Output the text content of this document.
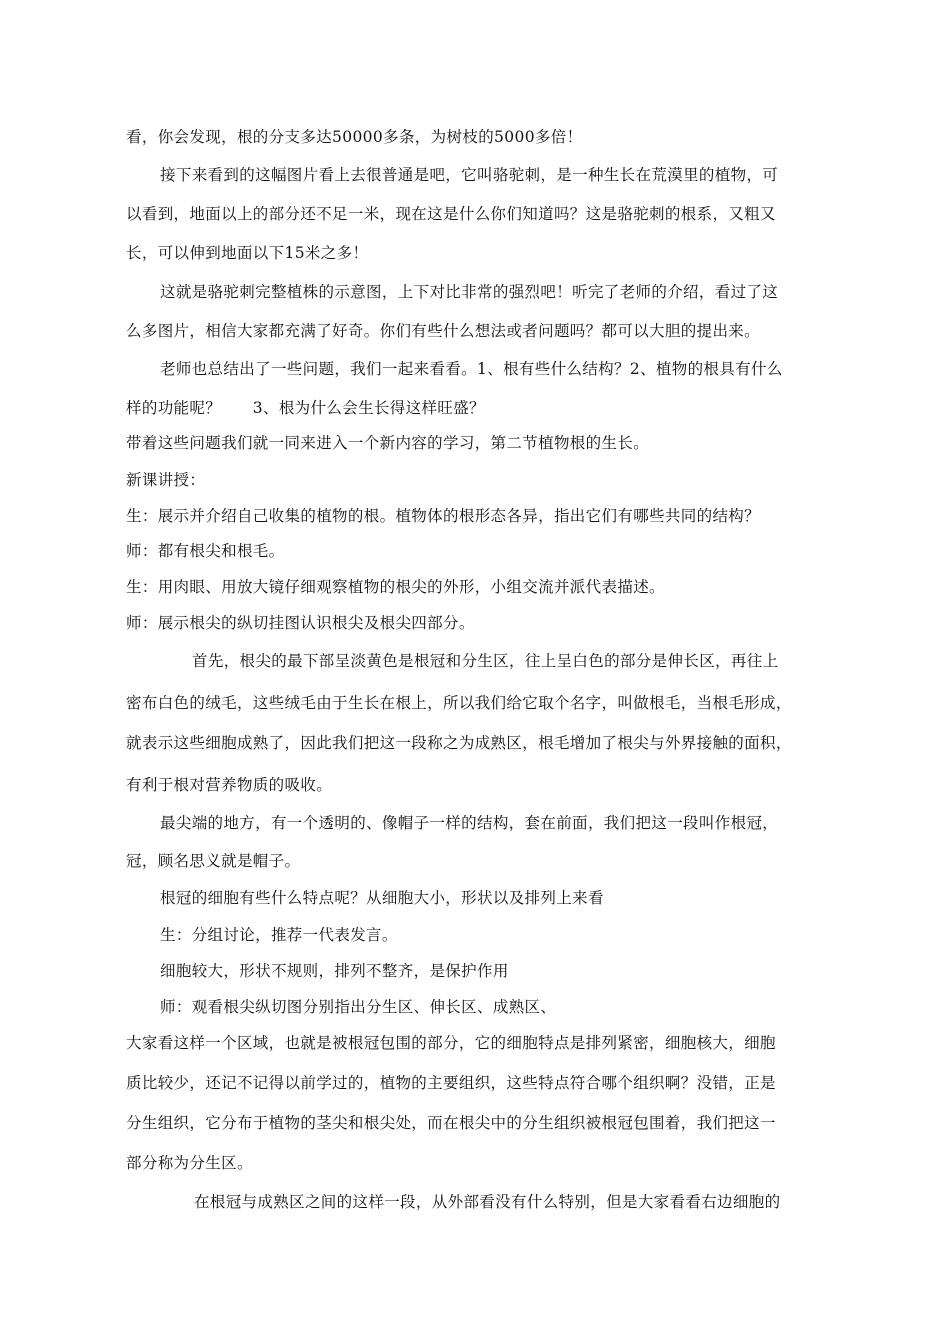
看，你会发现，根的分支多达50000多条，为树枝的5000多倍！
接下来看到的这幅图片看上去很普通是吧，它叫骆驼刺，是一种生长在荒漠里的植物，可
以看到，地面以上的部分还不足一米，现在这是什么你们知道吗？这是骆驼刺的根系，又粗又
长，可以伸到地面以下15米之多！
这就是骆驼刺完整植株的示意图，上下对比非常的强烈吧！听完了老师的介绍，看过了这
么多图片，相信大家都充满了好奇。你们有些什么想法或者问题吗？都可以大胆的提出来。
老师也总结出了一些问题，我们一起来看看。1、根有些什么结构？2、植物的根具有什么
样的功能呢？      3、根为什么会生长得这样旺盛？
带着这些问题我们就一同来进入一个新内容的学习，第二节植物根的生长。
新课讲授：
生：展示并介绍自己收集的植物的根。植物体的根形态各异，指出它们有哪些共同的结构？
师：都有根尖和根毛。
生：用肉眼、用放大镜仔细观察植物的根尖的外形，小组交流并派代表描述。
师：展示根尖的纵切挂图认识根尖及根尖四部分。
首先，根尖的最下部呈淡黄色是根冠和分生区，往上呈白色的部分是伸长区，再往上
密布白色的绒毛，这些绒毛由于生长在根上，所以我们给它取个名字，叫做根毛，当根毛形成，
就表示这些细胞成熟了，因此我们把这一段称之为成熟区，根毛增加了根尖与外界接触的面积，
有利于根对营养物质的吸收。
最尖端的地方，有一个透明的、像帽子一样的结构，套在前面，我们把这一段叫作根冠，
冠，顾名思义就是帽子。
根冠的细胞有些什么特点呢？从细胞大小，形状以及排列上来看
生：分组讨论，推荐一代表发言。
细胞较大，形状不规则，排列不整齐，是保护作用
师：观看根尖纵切图分别指出分生区、伸长区、成熟区、
大家看这样一个区域，也就是被根冠包围的部分，它的细胞特点是排列紧密，细胞核大，细胞
质比较少，还记不记得以前学过的，植物的主要组织，这些特点符合哪个组织啊？没错，正是
分生组织，它分布于植物的茎尖和根尖处，而在根尖中的分生组织被根冠包围着，我们把这一
部分称为分生区。
在根冠与成熟区之间的这样一段，从外部看没有什么特别，但是大家看看右边细胞的
